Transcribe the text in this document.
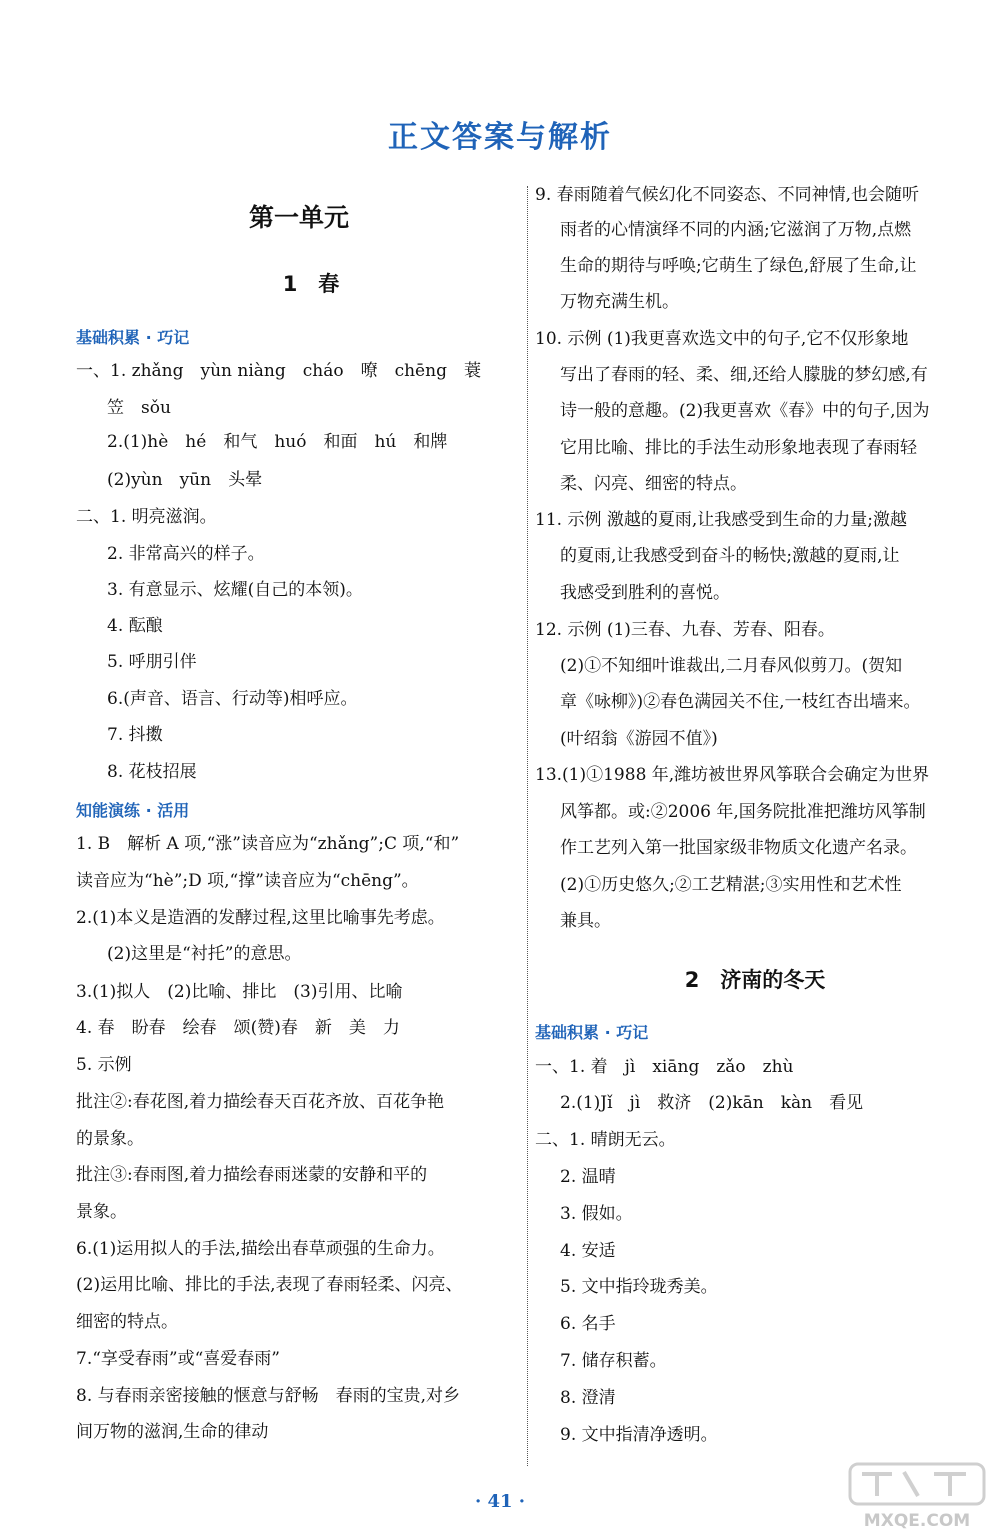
正文答案与解析
第一单元
1　春
基础积累 · 巧记
一、1. zhǎng　yùn niàng　cháo　嘹　chēng　蓑
笠　sǒu
2.(1)hè　hé　和气　huó　和面　hú　和牌
(2)yùn　yūn　头晕
二、1. 明亮滋润。
2. 非常高兴的样子。
3. 有意显示、炫耀(自己的本领)。
4. 酝酿
5. 呼朋引伴
6.(声音、语言、行动等)相呼应。
7. 抖擞
8. 花枝招展
知能演练 · 活用
1. B　解析 A 项,“涨”读音应为“zhǎng”;C 项,“和”
读音应为“hè”;D 项,“撑”读音应为“chēng”。
2.(1)本义是造酒的发酵过程,这里比喻事先考虑。
(2)这里是“衬托”的意思。
3.(1)拟人　(2)比喻、排比　(3)引用、比喻
4. 春　盼春　绘春　颂(赞)春　新　美　力
5. 示例
批注②:春花图,着力描绘春天百花齐放、百花争艳
的景象。
批注③:春雨图,着力描绘春雨迷蒙的安静和平的
景象。
6.(1)运用拟人的手法,描绘出春草顽强的生命力。
(2)运用比喻、排比的手法,表现了春雨轻柔、闪亮、
细密的特点。
7.“享受春雨”或“喜爱春雨”
8. 与春雨亲密接触的惬意与舒畅　春雨的宝贵,对乡
间万物的滋润,生命的律动
9. 春雨随着气候幻化不同姿态、不同神情,也会随听
雨者的心情演绎不同的内涵;它滋润了万物,点燃
生命的期待与呼唤;它萌生了绿色,舒展了生命,让
万物充满生机。
10. 示例 (1)我更喜欢选文中的句子,它不仅形象地
写出了春雨的轻、柔、细,还给人朦胧的梦幻感,有
诗一般的意趣。(2)我更喜欢《春》中的句子,因为
它用比喻、排比的手法生动形象地表现了春雨轻
柔、闪亮、细密的特点。
11. 示例 激越的夏雨,让我感受到生命的力量;激越
的夏雨,让我感受到奋斗的畅快;激越的夏雨,让
我感受到胜利的喜悦。
12. 示例 (1)三春、九春、芳春、阳春。
(2)①不知细叶谁裁出,二月春风似剪刀。(贺知
章《咏柳》)②春色满园关不住,一枝红杏出墙来。
(叶绍翁《游园不值》)
13.(1)①1988 年,潍坊被世界风筝联合会确定为世界
风筝都。或:②2006 年,国务院批准把潍坊风筝制
作工艺列入第一批国家级非物质文化遗产名录。
(2)①历史悠久;②工艺精湛;③实用性和艺术性
兼具。
2　济南的冬天
基础积累 · 巧记
一、1. 着　jì　xiāng　zǎo　zhù
2.(1)Jǐ　jì　救济　(2)kān　kàn　看见
二、1. 晴朗无云。
2. 温晴
3. 假如。
4. 安适
5. 文中指玲珑秀美。
6. 名手
7. 储存积蓄。
8. 澄清
9. 文中指清净透明。
· 41 ·
MXQE.COM
